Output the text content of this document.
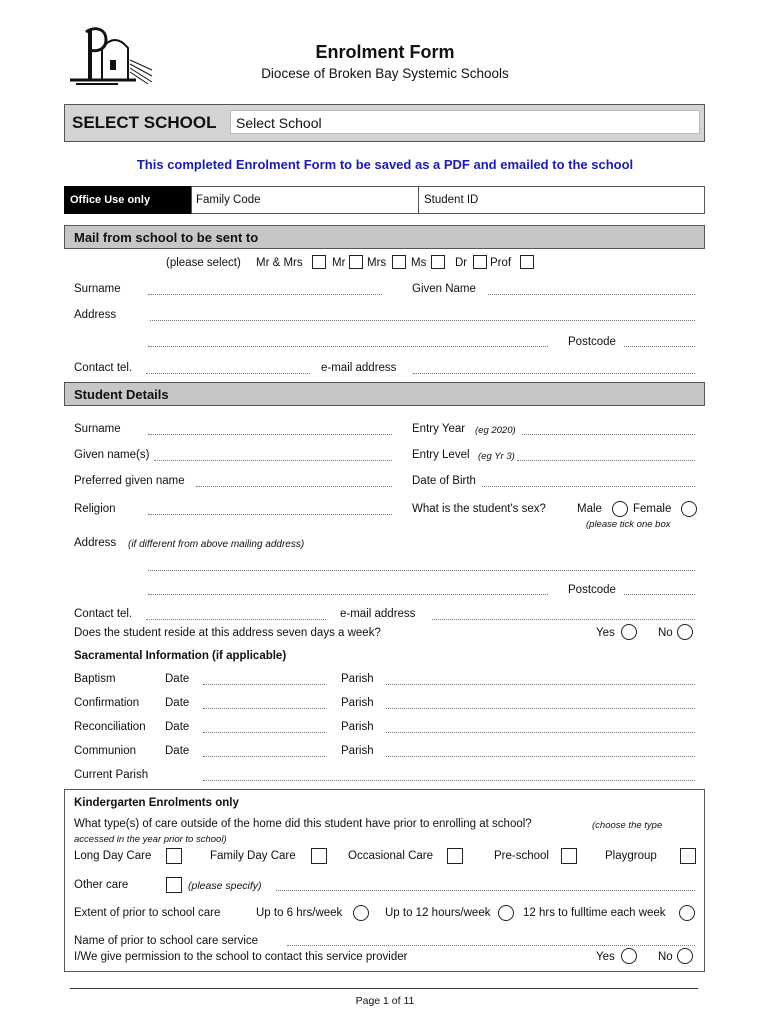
Enrolment Form
Diocese of Broken Bay Systemic Schools
SELECT SCHOOL	Select School
This completed Enrolment Form to be saved as a PDF and emailed to the school
Office Use only	Family Code	Student ID
Mail from school to be sent to
(please select) Mr & Mrs	Mr Mrs Ms Dr Prof
Surname	Given Name
Address
Postcode
Contact tel.	e-mail address
Student Details
Surname	Entry Year (eg 2020)
Given name(s)	Entry Level (eg Yr 3)
Preferred given name	Date of Birth
Religion	What is the student's sex?	Male	Female
(please tick one box
Address (if different from above mailing address)
Postcode
Contact tel.	e-mail address
Does the student reside at this address seven days a week?	Yes	No
Sacramental Information (if applicable)
Baptism	Date	Parish
Confirmation Date	Parish
Reconciliation Date	Parish
Communion	Date	Parish
Current Parish
Kindergarten Enrolments only
What type(s) of care outside of the home did this student have prior to enrolling at school?	(choose the type
accessed in the year prior to school)
Long Day Care	Family Day Care	Occasional Care	Pre-school	Playgroup
Other care	(please specify)
Extent of prior to school care	Up to 6 hrs/week	Up to 12 hours/week	12 hrs to fulltime each week
Name of prior to school care service
I/We give permission to the school to contact this service provider	Yes	No
Page 1 of 11
